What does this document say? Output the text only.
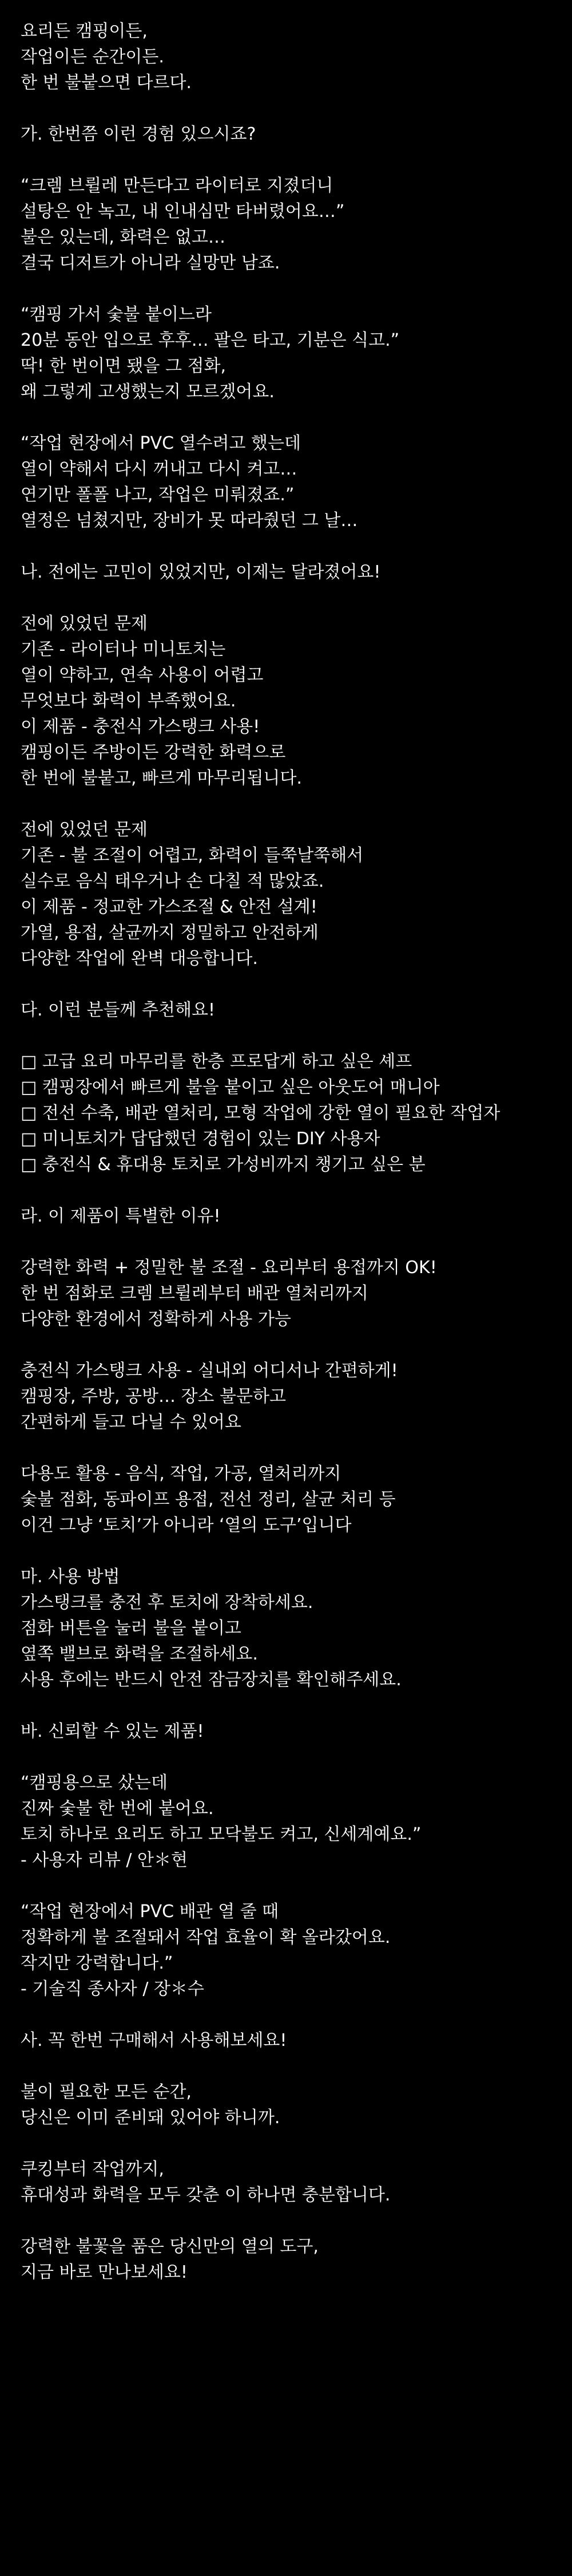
요리든 캠핑이든,

작업이든 순간이든.

한 번 불붙으면 다르다.

가. 한번쯤 이런 경험 있으시죠?

“크렘 브륄레 만든다고 라이터로 지졌더니

설탕은 안 녹고, 내 인내심만 타버렸어요…”

불은 있는데, 화력은 없고…

결국 디저트가 아니라 실망만 남죠.

“캠핑 가서 숯불 붙이느라

20분 동안 입으로 후후… 팔은 타고, 기분은 식고.”

딱! 한 번이면 됐을 그 점화,

왜 그렇게 고생했는지 모르겠어요.

“작업 현장에서 PVC 열수려고 했는데

열이 약해서 다시 꺼내고 다시 켜고…

연기만 폴폴 나고, 작업은 미뤄졌죠.”

열정은 넘쳤지만, 장비가 못 따라줬던 그 날…

나. 전에는 고민이 있었지만, 이제는 달라졌어요!

전에 있었던 문제

기존 - 라이터나 미니토치는

열이 약하고, 연속 사용이 어렵고

무엇보다 화력이 부족했어요.

이 제품 - 충전식 가스탱크 사용!

캠핑이든 주방이든 강력한 화력으로

한 번에 불붙고, 빠르게 마무리됩니다.

전에 있었던 문제

기존 - 불 조절이 어렵고, 화력이 들쭉날쭉해서

실수로 음식 태우거나 손 다칠 적 많았죠.

이 제품 - 정교한 가스조절 & 안전 설계!

가열, 용접, 살균까지 정밀하고 안전하게

다양한 작업에 완벽 대응합니다.

다. 이런 분들께 추천해요!

□ 고급 요리 마무리를 한층 프로답게 하고 싶은 셰프

□ 캠핑장에서 빠르게 불을 붙이고 싶은 아웃도어 매니아

□ 전선 수축, 배관 열처리, 모형 작업에 강한 열이 필요한 작업자

□ 미니토치가 답답했던 경험이 있는 DIY 사용자

□ 충전식 & 휴대용 토치로 가성비까지 챙기고 싶은 분

라. 이 제품이 특별한 이유!

강력한 화력 + 정밀한 불 조절 - 요리부터 용접까지 OK!

한 번 점화로 크렘 브륄레부터 배관 열처리까지

다양한 환경에서 정확하게 사용 가능

충전식 가스탱크 사용 - 실내외 어디서나 간편하게!

캠핑장, 주방, 공방… 장소 불문하고

간편하게 들고 다닐 수 있어요

다용도 활용 - 음식, 작업, 가공, 열처리까지

숯불 점화, 동파이프 용접, 전선 정리, 살균 처리 등

이건 그냥 ‘토치’가 아니라 ‘열의 도구’입니다

마. 사용 방법

가스탱크를 충전 후 토치에 장착하세요.

점화 버튼을 눌러 불을 붙이고

옆쪽 밸브로 화력을 조절하세요.

사용 후에는 반드시 안전 잠금장치를 확인해주세요.

바. 신뢰할 수 있는 제품!

“캠핑용으로 샀는데

진짜 숯불 한 번에 붙어요.

토치 하나로 요리도 하고 모닥불도 켜고, 신세계예요.”

- 사용자 리뷰 / 안＊현

“작업 현장에서 PVC 배관 열 줄 때

정확하게 불 조절돼서 작업 효율이 확 올라갔어요.

작지만 강력합니다.”

- 기술직 종사자 / 장＊수

사. 꼭 한번 구매해서 사용해보세요!

불이 필요한 모든 순간,

당신은 이미 준비돼 있어야 하니까.

쿠킹부터 작업까지,

휴대성과 화력을 모두 갖춘 이 하나면 충분합니다.

강력한 불꽃을 품은 당신만의 열의 도구,

지금 바로 만나보세요!
